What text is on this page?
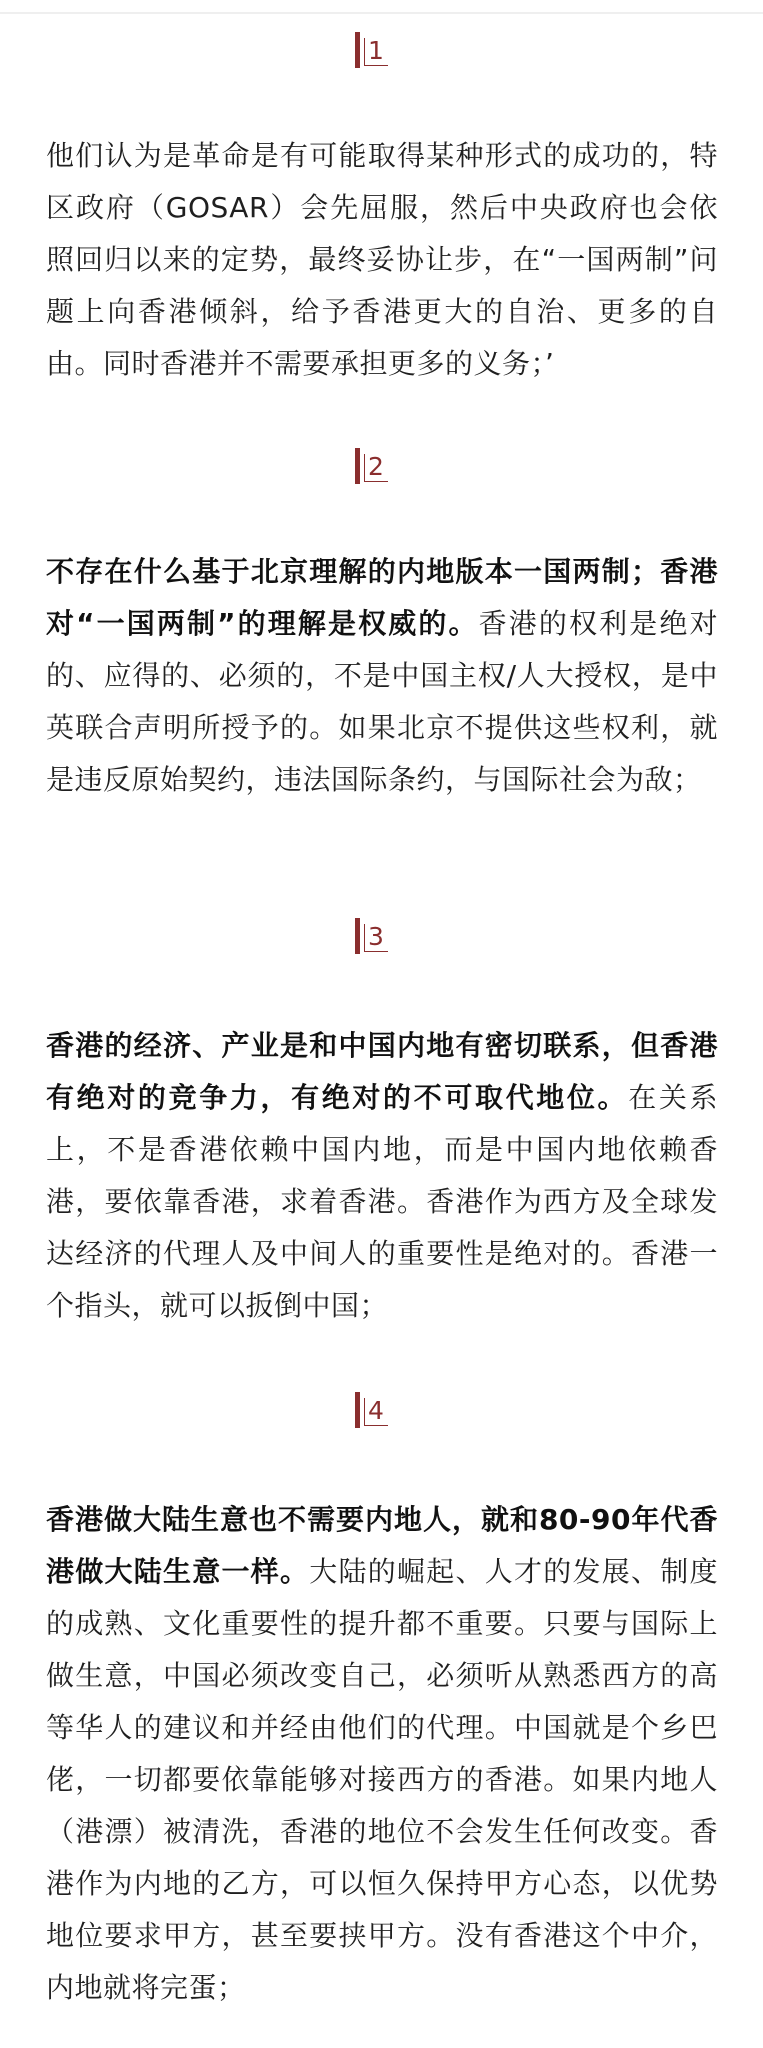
1

他们认为是革命是有可能取得某种形式的成功的，特区政府（GOSAR）会先屈服，然后中央政府也会依照回归以来的定势，最终妥协让步，在“一国两制”问题上向香港倾斜，给予香港更大的自治、更多的自由。同时香港并不需要承担更多的义务；’

2

不存在什么基于北京理解的内地版本一国两制；香港对“一国两制”的理解是权威的。香港的权利是绝对的、应得的、必须的，不是中国主权/人大授权，是中英联合声明所授予的。如果北京不提供这些权利，就是违反原始契约，违法国际条约，与国际社会为敌；

3

香港的经济、产业是和中国内地有密切联系，但香港有绝对的竞争力，有绝对的不可取代地位。在关系上，不是香港依赖中国内地，而是中国内地依赖香港，要依靠香港，求着香港。香港作为西方及全球发达经济的代理人及中间人的重要性是绝对的。香港一个指头，就可以扳倒中国；

4

香港做大陆生意也不需要内地人，就和80-90年代香港做大陆生意一样。大陆的崛起、人才的发展、制度的成熟、文化重要性的提升都不重要。只要与国际上做生意，中国必须改变自己，必须听从熟悉西方的高等华人的建议和并经由他们的代理。中国就是个乡巴佬，一切都要依靠能够对接西方的香港。如果内地人（港漂）被清洗，香港的地位不会发生任何改变。香港作为内地的乙方，可以恒久保持甲方心态，以优势地位要求甲方，甚至要挟甲方。没有香港这个中介，内地就将完蛋；
